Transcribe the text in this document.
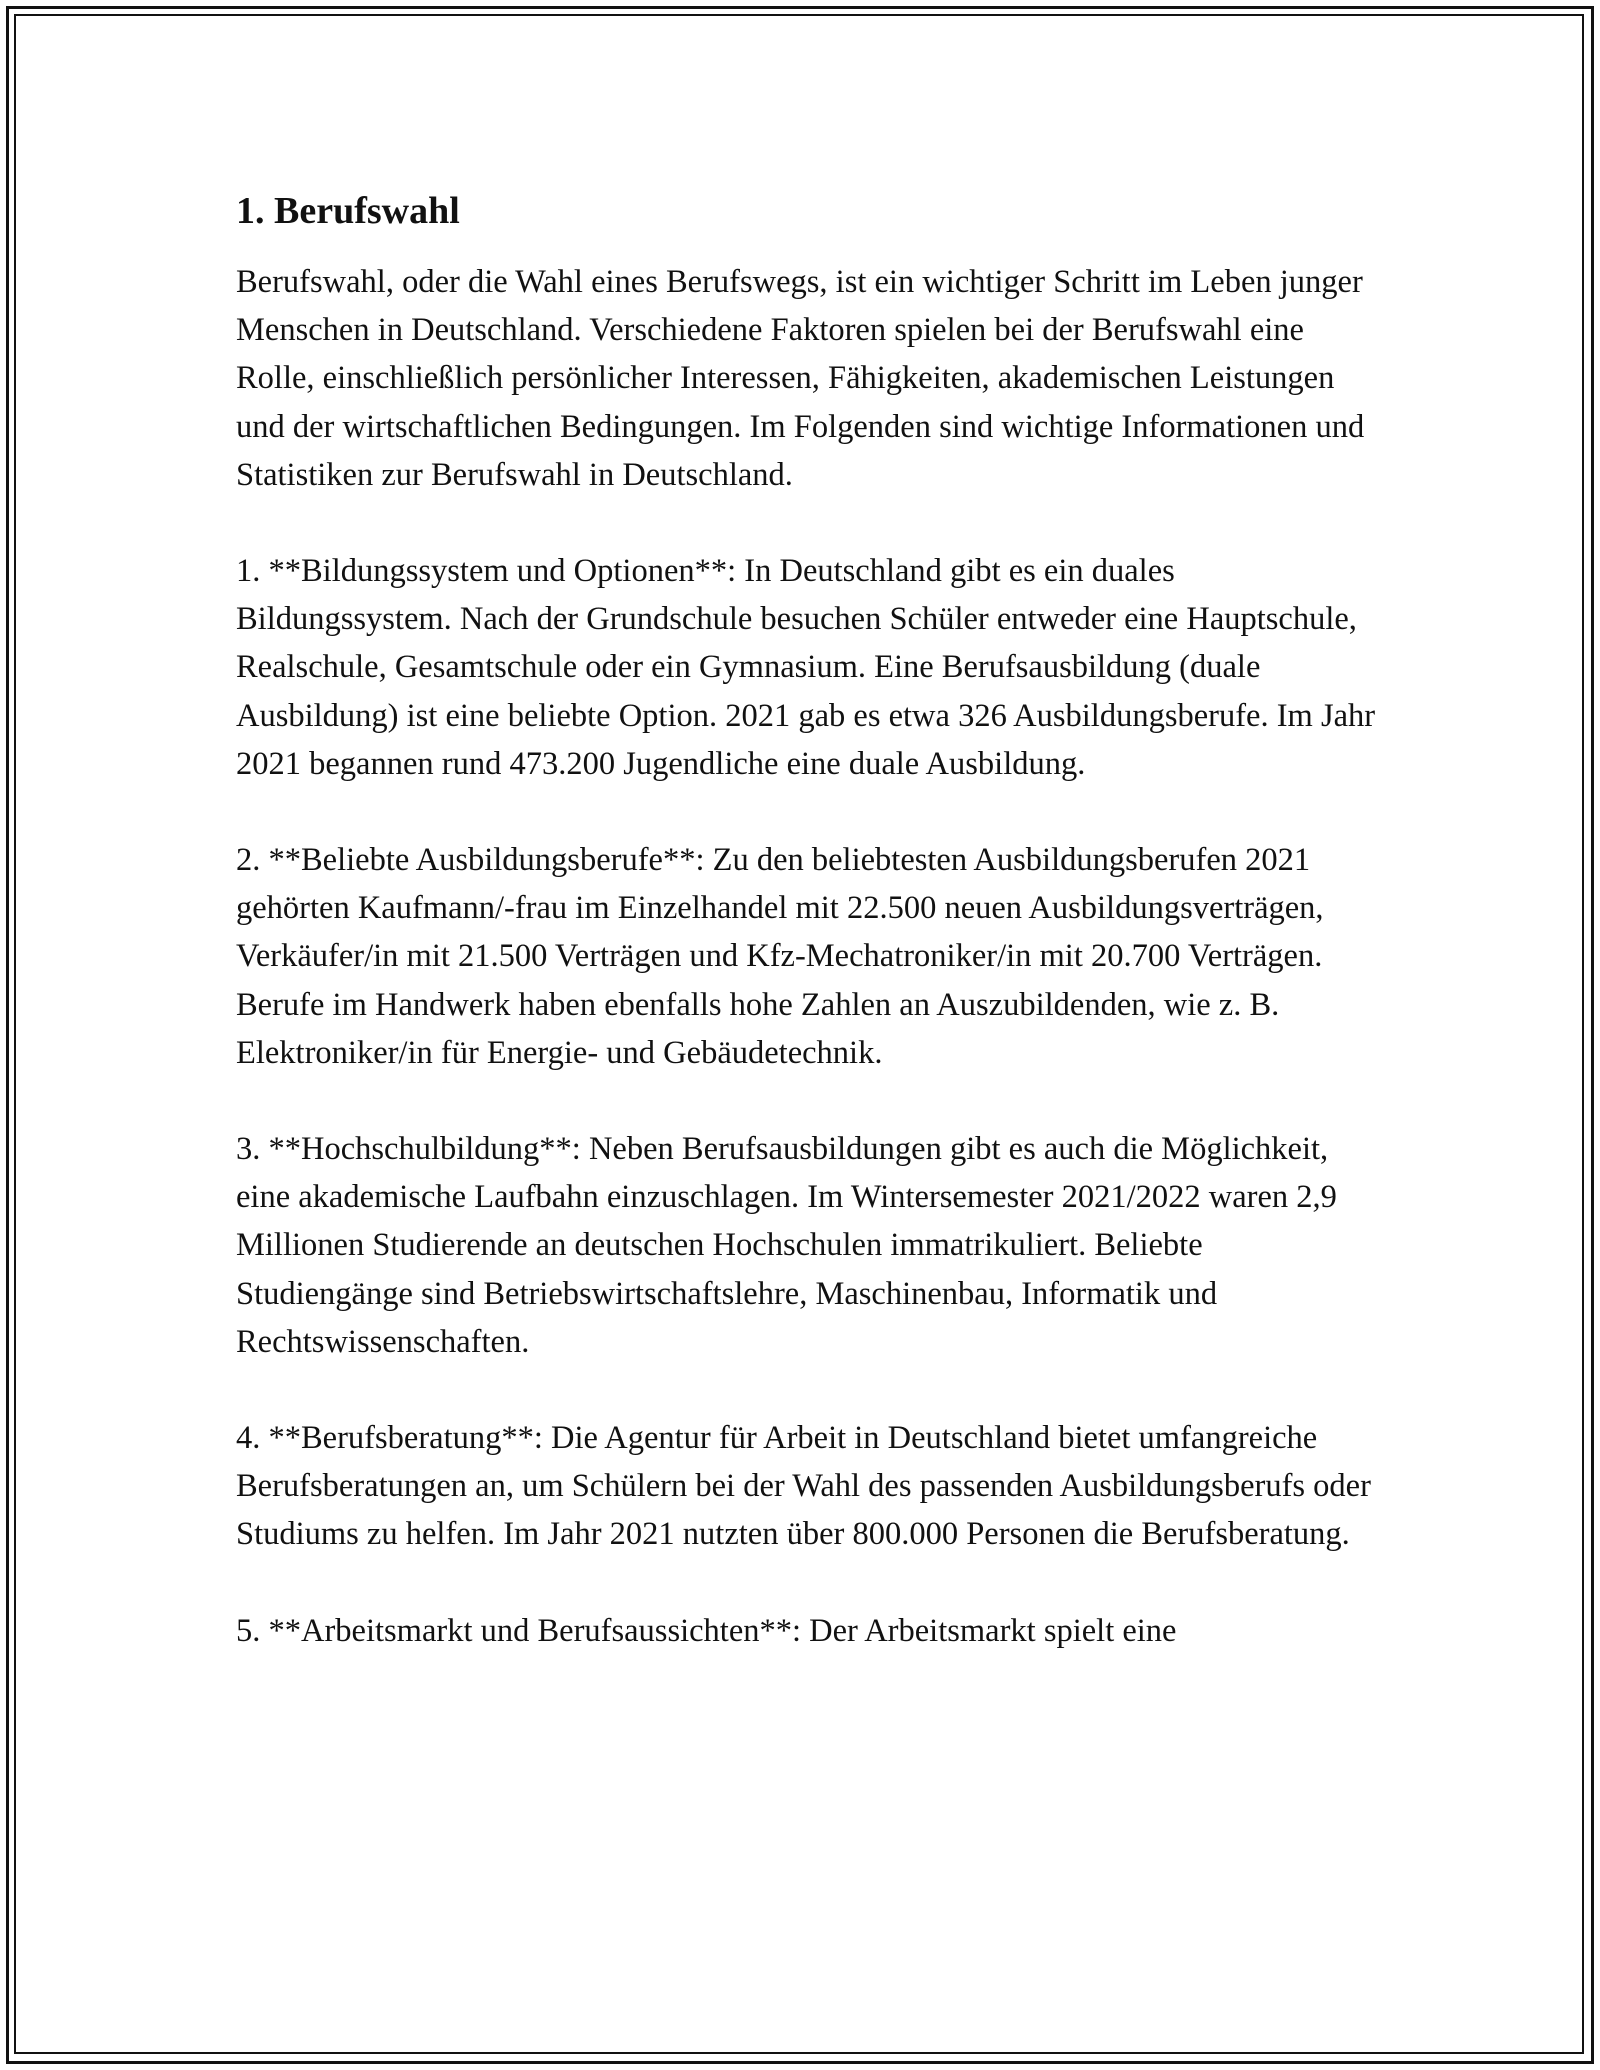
1. Berufswahl

Berufswahl, oder die Wahl eines Berufswegs, ist ein wichtiger Schritt im Leben junger Menschen in Deutschland. Verschiedene Faktoren spielen bei der Berufswahl eine Rolle, einschließlich persönlicher Interessen, Fähigkeiten, akademischen Leistungen und der wirtschaftlichen Bedingungen. Im Folgenden sind wichtige Informationen und Statistiken zur Berufswahl in Deutschland.

1. **Bildungssystem und Optionen**: In Deutschland gibt es ein duales Bildungssystem. Nach der Grundschule besuchen Schüler entweder eine Hauptschule, Realschule, Gesamtschule oder ein Gymnasium. Eine Berufsausbildung (duale Ausbildung) ist eine beliebte Option. 2021 gab es etwa 326 Ausbildungsberufe. Im Jahr 2021 begannen rund 473.200 Jugendliche eine duale Ausbildung.

2. **Beliebte Ausbildungsberufe**: Zu den beliebtesten Ausbildungsberufen 2021 gehörten Kaufmann/-frau im Einzelhandel mit 22.500 neuen Ausbildungsverträgen, Verkäufer/in mit 21.500 Verträgen und Kfz-Mechatroniker/in mit 20.700 Verträgen. Berufe im Handwerk haben ebenfalls hohe Zahlen an Auszubildenden, wie z. B. Elektroniker/in für Energie- und Gebäudetechnik.

3. **Hochschulbildung**: Neben Berufsausbildungen gibt es auch die Möglichkeit, eine akademische Laufbahn einzuschlagen. Im Wintersemester 2021/2022 waren 2,9 Millionen Studierende an deutschen Hochschulen immatrikuliert. Beliebte Studiengänge sind Betriebswirtschaftslehre, Maschinenbau, Informatik und Rechtswissenschaften.

4. **Berufsberatung**: Die Agentur für Arbeit in Deutschland bietet umfangreiche Berufsberatungen an, um Schülern bei der Wahl des passenden Ausbildungsberufs oder Studiums zu helfen. Im Jahr 2021 nutzten über 800.000 Personen die Berufsberatung.

5. **Arbeitsmarkt und Berufsaussichten**: Der Arbeitsmarkt spielt eine
